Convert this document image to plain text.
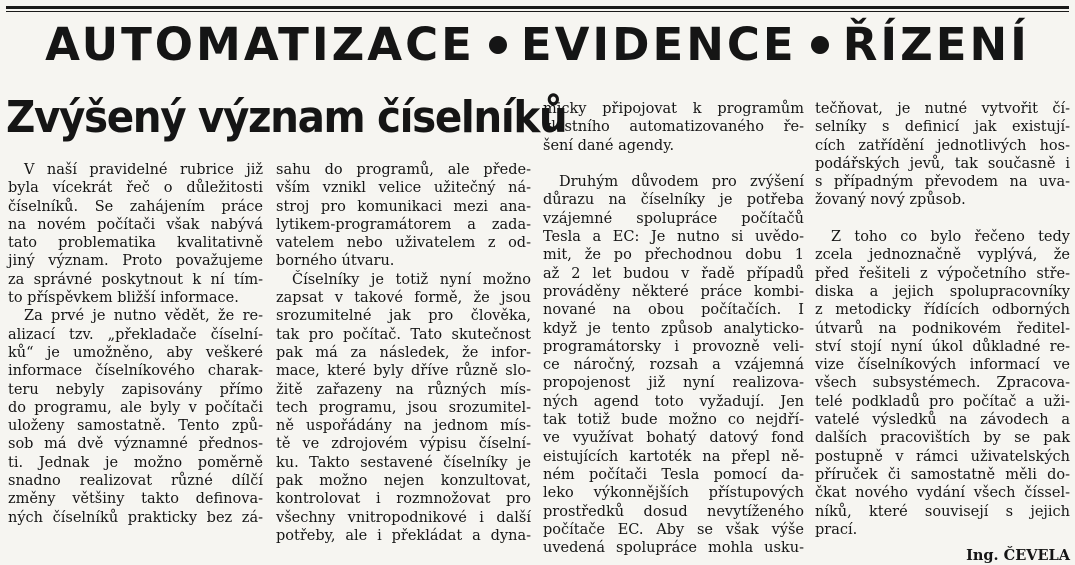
AUTOMATIZACE EVIDENCE ŘÍZENÍ
Zvýšený význam číselníků
V naší pravidelné rubrice již
byla vícekrát řeč o důležitosti
číselníků. Se zahájením práce
na novém počítači však nabývá
tato problematika kvalitativně
jiný význam. Proto považujeme
za správné poskytnout k ní tím-
to příspěvkem bližší informace.
Za prvé je nutno vědět, že re-
alizací tzv. „překladače číselní-
ků“ je umožněno, aby veškeré
informace číselníkového charak-
teru nebyly zapisovány přímo
do programu, ale byly v počítači
uloženy samostatně. Tento způ-
sob má dvě významné přednos-
ti. Jednak je možno poměrně
snadno realizovat různé dílčí
změny většiny takto definova-
ných číselníků prakticky bez zá-
sahu do programů, ale přede-
vším vznikl velice užitečný ná-
stroj pro komunikaci mezi ana-
lytikem-programátorem a zada-
vatelem nebo uživatelem z od-
borného útvaru.
Číselníky je totiž nyní možno
zapsat v takové formě, že jsou
srozumitelné jak pro člověka,
tak pro počítač. Tato skutečnost
pak má za následek, že infor-
mace, které byly dříve různě slo-
žitě zařazeny na různých mís-
tech programu, jsou srozumitel-
ně uspořádány na jednom mís-
tě ve zdrojovém výpisu číselní-
ku. Takto sestavené číselníky je
pak možno nejen konzultovat,
kontrolovat i rozmnožovat pro
všechny vnitropodnikové i další
potřeby, ale i překládat a dyna-
micky připojovat k programům
vlastního automatizovaného ře-
šení dané agendy.

Druhým důvodem pro zvýšení
důrazu na číselníky je potřeba
vzájemné spolupráce počítačů
Tesla a EC: Je nutno si uvědo-
mit, že po přechodnou dobu 1
až 2 let budou v řadě případů
prováděny některé práce kombi-
nované na obou počítačích. I
když je tento způsob analyticko-
programátorsky i provozně veli-
ce náročný, rozsah a vzájemná
propojenost již nyní realizova-
ných agend toto vyžadují. Jen
tak totiž bude možno co nejdří-
ve využívat bohatý datový fond
eistujících kartoték na přepl ně-
ném počítači Tesla pomocí da-
leko výkonnějších přístupových
prostředků dosud nevytíženého
počítače EC. Aby se však výše
uvedená spolupráce mohla usku-
tečňovat, je nutné vytvořit čí-
selníky s definicí jak existují-
cích zatřídění jednotlivých hos-
podářských jevů, tak současně i
s případným převodem na uva-
žovaný nový způsob.

Z toho co bylo řečeno tedy
zcela jednoznačně vyplývá, že
před řešiteli z výpočetního stře-
diska a jejich spolupracovníky
z metodicky řídících odborných
útvarů na podnikovém ředitel-
ství stojí nyní úkol důkladné re-
vize číselníkových informací ve
všech subsystémech. Zpracova-
telé podkladů pro počítač a uži-
vatelé výsledků na závodech a
dalších pracovištích by se pak
postupně v rámci uživatelských
příruček či samostatně měli do-
čkat nového vydání všech číssel-
níků, které souvisejí s jejich
prací.
Ing. ČEVELA
